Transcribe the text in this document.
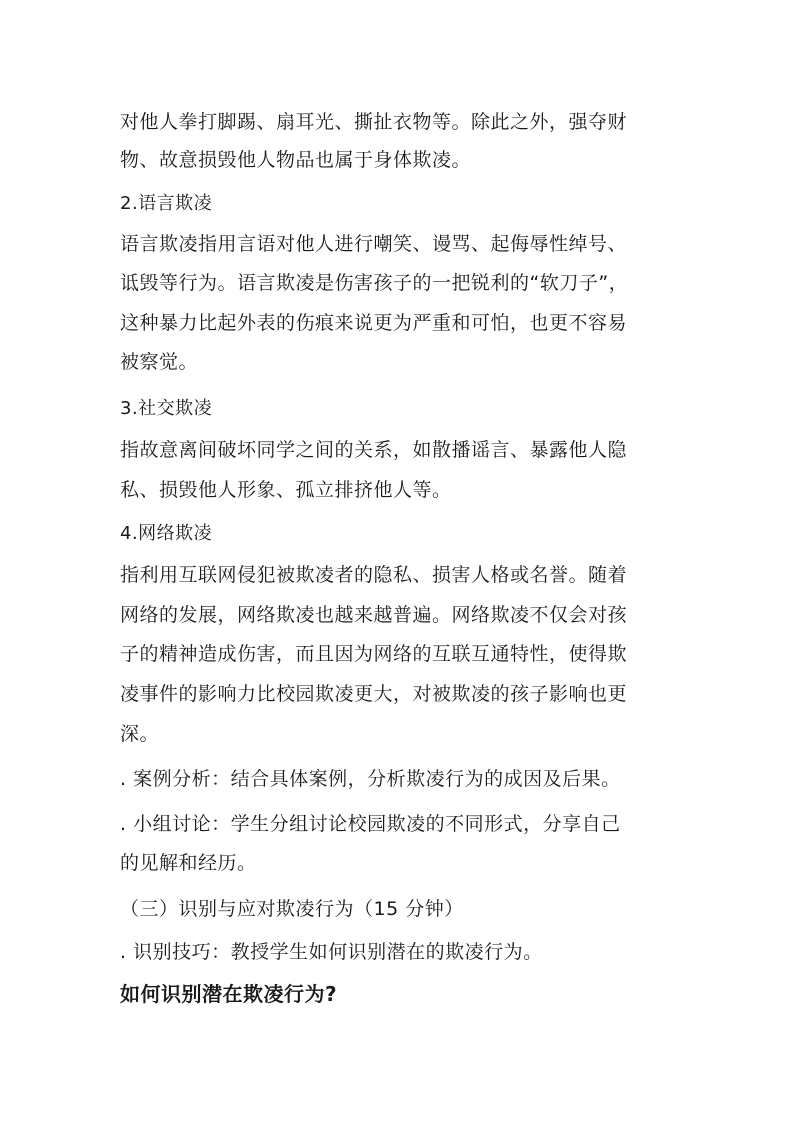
对他人拳打脚踢、扇耳光、撕扯衣物等。除此之外，强夺财
物、故意损毁他人物品也属于身体欺凌。
2.语言欺凌
语言欺凌指用言语对他人进行嘲笑、谩骂、起侮辱性绰号、
诋毁等行为。语言欺凌是伤害孩子的一把锐利的“软刀子”，
这种暴力比起外表的伤痕来说更为严重和可怕，也更不容易
被察觉。
3.社交欺凌
指故意离间破坏同学之间的关系，如散播谣言、暴露他人隐
私、损毁他人形象、孤立排挤他人等。
4.网络欺凌
指利用互联网侵犯被欺凌者的隐私、损害人格或名誉。随着
网络的发展，网络欺凌也越来越普遍。网络欺凌不仅会对孩
子的精神造成伤害，而且因为网络的互联互通特性，使得欺
凌事件的影响力比校园欺凌更大，对被欺凌的孩子影响也更
深。
. 案例分析：结合具体案例，分析欺凌行为的成因及后果。
. 小组讨论：学生分组讨论校园欺凌的不同形式，分享自己
的见解和经历。
（三）识别与应对欺凌行为（15 分钟）
. 识别技巧：教授学生如何识别潜在的欺凌行为。
如何识别潜在欺凌行为?
